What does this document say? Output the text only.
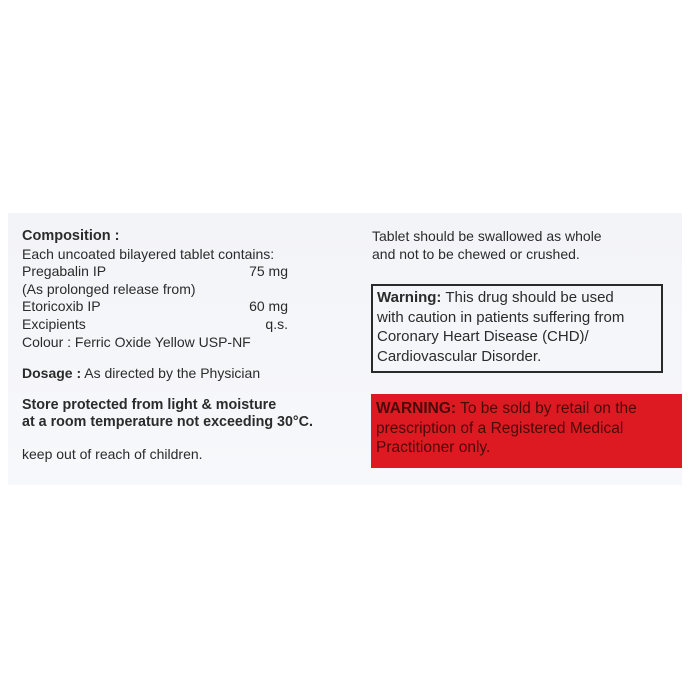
Composition :
Each uncoated bilayered tablet contains:
Pregabalin IP	75 mg
(As prolonged release from)
Etoricoxib IP	60 mg
Excipients	q.s.
Colour : Ferric Oxide Yellow USP-NF
Dosage : As directed by the Physician
Store protected from light & moisture
at a room temperature not exceeding 30°C.
keep out of reach of children.
Tablet should be swallowed as whole
and not to be chewed or crushed.
Warning: This drug should be used
with caution in patients suffering from
Coronary Heart Disease (CHD)/
Cardiovascular Disorder.
WARNING: To be sold by retail on the
prescription of a Registered Medical
Practitioner only.
